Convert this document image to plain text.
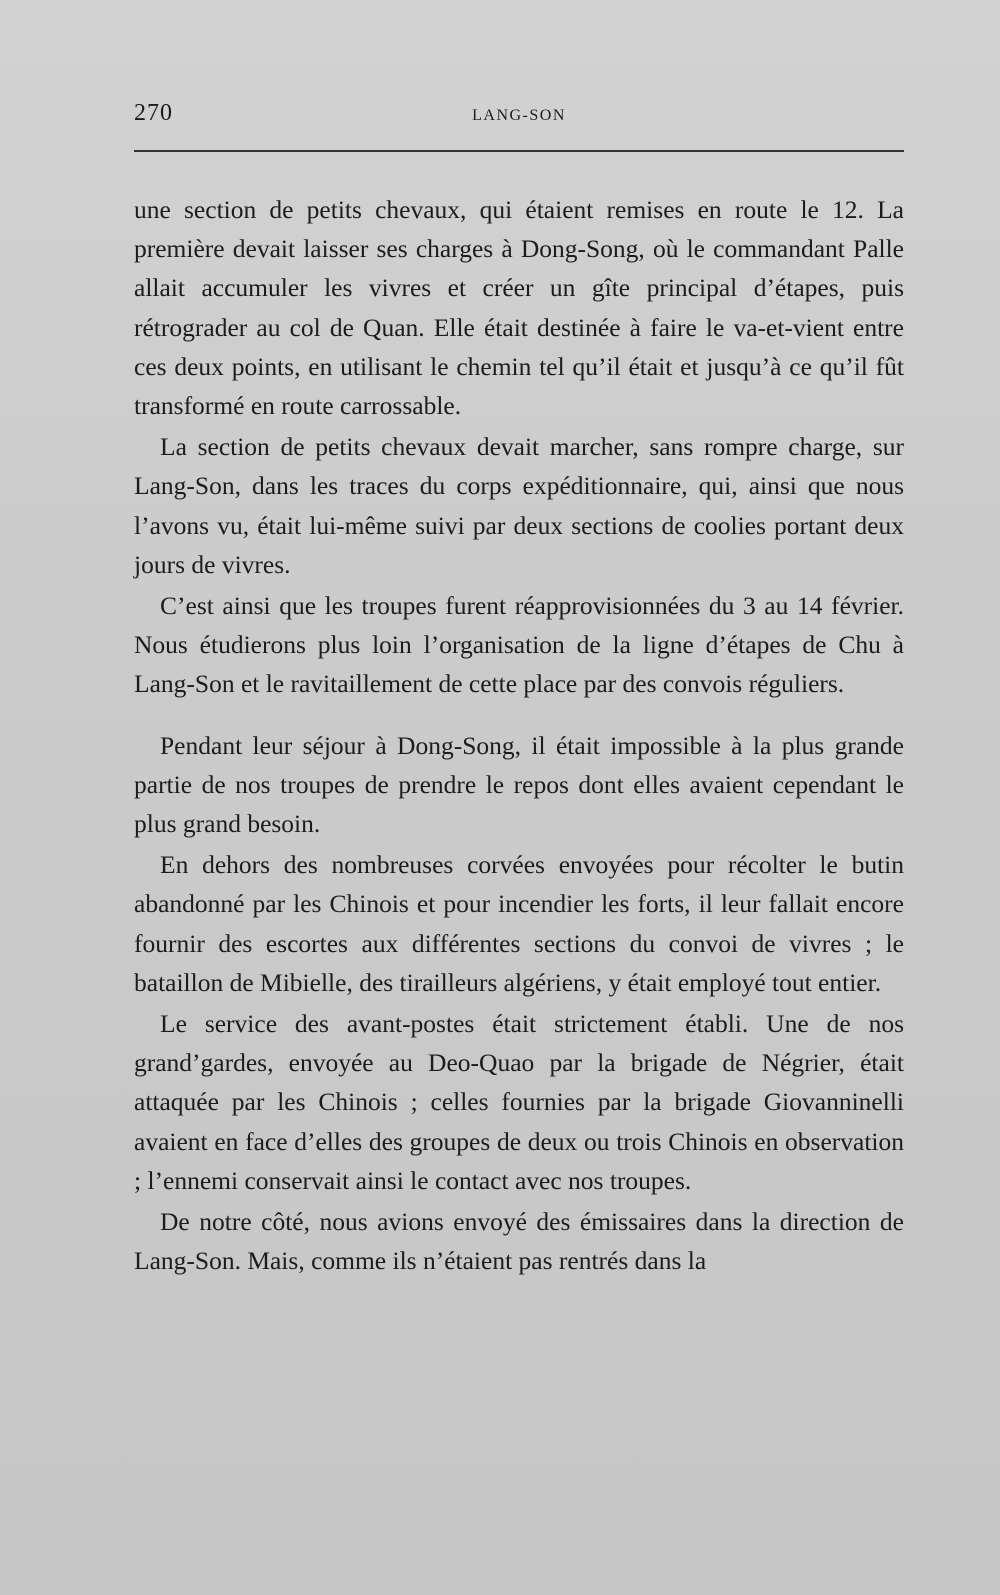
270	LANG-SON

une section de petits chevaux, qui étaient remises en route le 12. La première devait laisser ses charges à Dong-Song, où le commandant Palle allait accumuler les vivres et créer un gîte principal d’étapes, puis rétrograder au col de Quan. Elle était destinée à faire le va-et-vient entre ces deux points, en utilisant le chemin tel qu’il était et jusqu’à ce qu’il fût transformé en route carrossable.

La section de petits chevaux devait marcher, sans rompre charge, sur Lang-Son, dans les traces du corps expéditionnaire, qui, ainsi que nous l’avons vu, était lui-même suivi par deux sections de coolies portant deux jours de vivres.

C’est ainsi que les troupes furent réapprovisionnées du 3 au 14 février. Nous étudierons plus loin l’organisation de la ligne d’étapes de Chu à Lang-Son et le ravitaillement de cette place par des convois réguliers.

Pendant leur séjour à Dong-Song, il était impossible à la plus grande partie de nos troupes de prendre le repos dont elles avaient cependant le plus grand besoin.

En dehors des nombreuses corvées envoyées pour récolter le butin abandonné par les Chinois et pour incendier les forts, il leur fallait encore fournir des escortes aux différentes sections du convoi de vivres ; le bataillon de Mibielle, des tirailleurs algériens, y était employé tout entier.

Le service des avant-postes était strictement établi. Une de nos grand’gardes, envoyée au Deo-Quao par la brigade de Négrier, était attaquée par les Chinois ; celles fournies par la brigade Giovanninelli avaient en face d’elles des groupes de deux ou trois Chinois en observation ; l’ennemi conservait ainsi le contact avec nos troupes.

De notre côté, nous avions envoyé des émissaires dans la direction de Lang-Son. Mais, comme ils n’étaient pas rentrés dans la
